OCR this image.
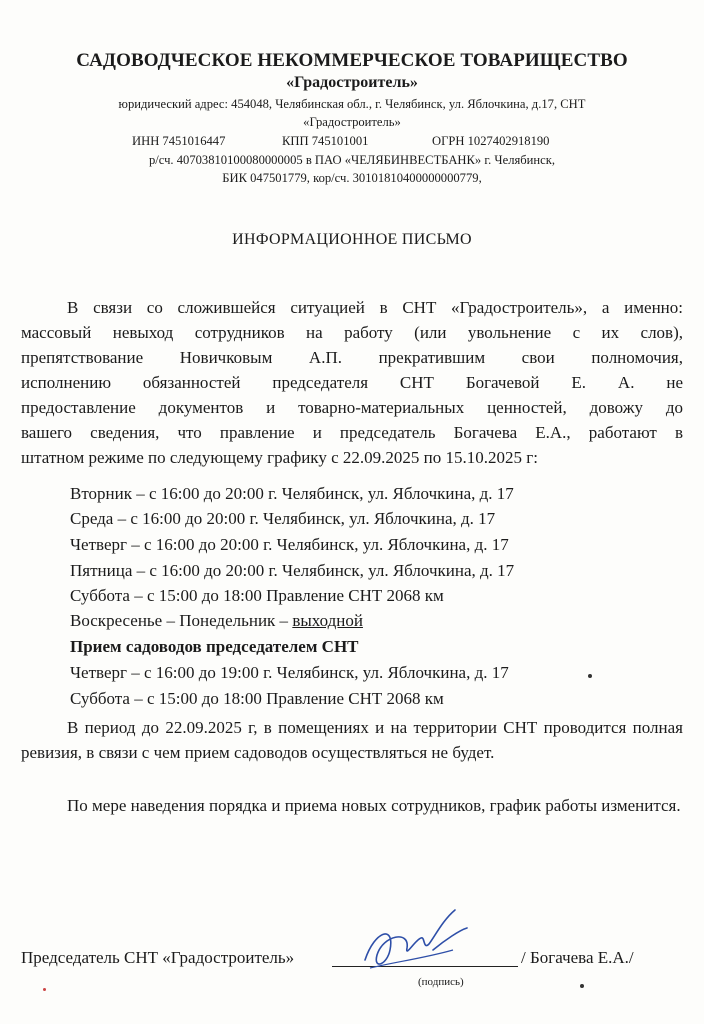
САДОВОДЧЕСКОЕ НЕКОММЕРЧЕСКОЕ ТОВАРИЩЕСТВО
«Градостроитель»
юридический адрес: 454048, Челябинская обл., г. Челябинск, ул. Яблочкина, д.17, СНТ
«Градостроитель»
ИНН 7451016447	КПП 745101001	ОГРН 1027402918190
р/сч. 40703810100080000005 в ПАО «ЧЕЛЯБИНВЕСТБАНК» г. Челябинск,
БИК 047501779, кор/сч. 30101810400000000779,
ИНФОРМАЦИОННОЕ ПИСЬМО
В связи со сложившейся ситуацией в СНТ «Градостроитель», а именно:
массовый невыход сотрудников на работу (или увольнение с их слов),
препятствование Новичковым А.П. прекратившим свои полномочия,
исполнению обязанностей председателя СНТ Богачевой Е. А. не
предоставление документов и товарно-материальных ценностей, довожу до
вашего сведения, что правление и председатель Богачева Е.А., работают в
штатном режиме по следующему графику с 22.09.2025 по 15.10.2025 г:
Вторник – с 16:00 до 20:00 г. Челябинск, ул. Яблочкина, д. 17
Среда – с 16:00 до 20:00 г. Челябинск, ул. Яблочкина, д. 17
Четверг – с 16:00 до 20:00 г. Челябинск, ул. Яблочкина, д. 17
Пятница – с 16:00 до 20:00 г. Челябинск, ул. Яблочкина, д. 17
Суббота – с 15:00 до 18:00 Правление СНТ 2068 км
Воскресенье – Понедельник – выходной
Прием садоводов председателем СНТ
Четверг – с 16:00 до 19:00 г. Челябинск, ул. Яблочкина, д. 17
Суббота – с 15:00 до 18:00 Правление СНТ 2068 км
В период до 22.09.2025 г, в помещениях и на территории СНТ проводится полная ревизия, в связи с чем прием садоводов осуществляться не будет.
По мере наведения порядка и приема новых сотрудников, график работы изменится.
Председатель СНТ «Градостроитель»	/ Богачева Е.А./
(подпись)
